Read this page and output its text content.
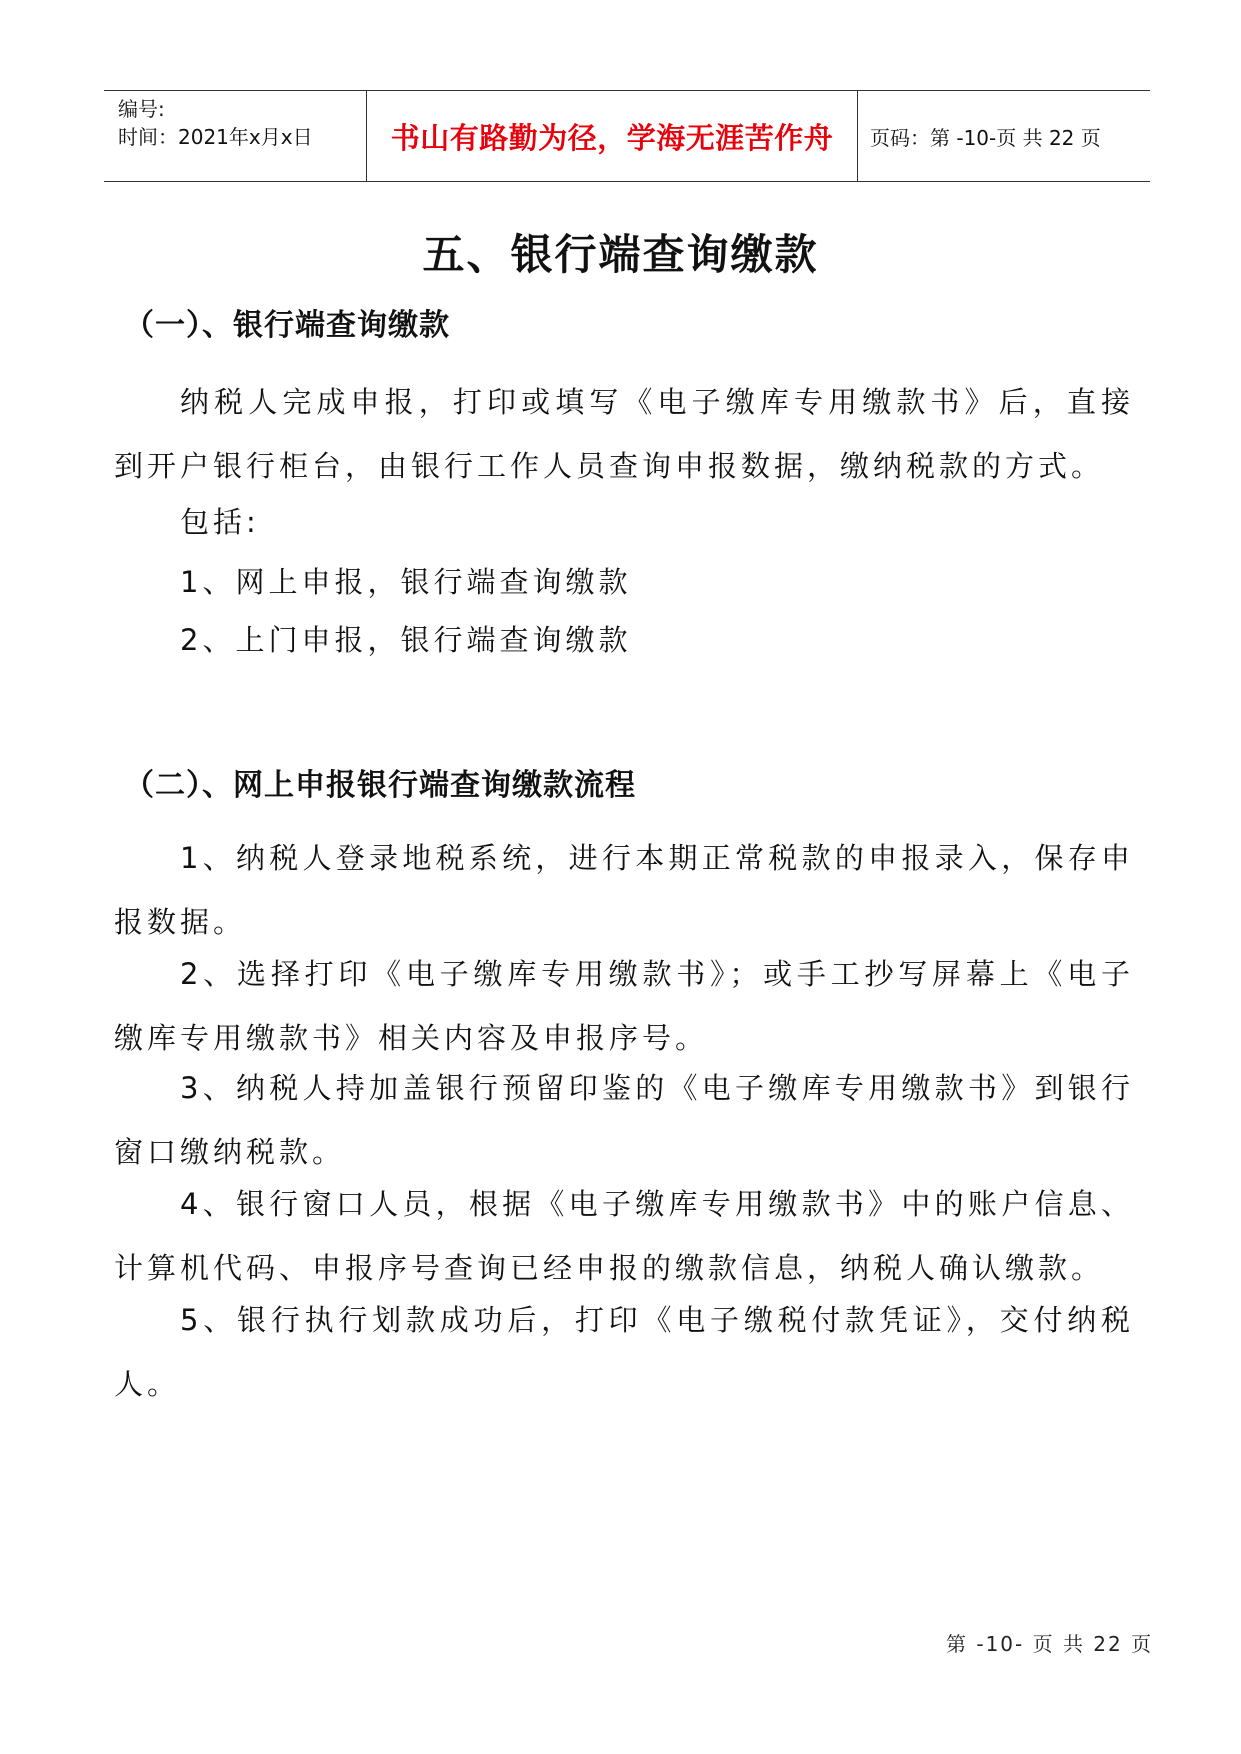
编号:
时间：2021年x月x日	书山有路勤为径，学海无涯苦作舟 页码：第 -10-页 共 22 页
五、银行端查询缴款
（一）、银行端查询缴款

纳税人完成申报，打印或填写《电子缴库专用缴款书》后，直接到开户银行柜台，由银行工作人员查询申报数据，缴纳税款的方式。

包括:
1、网上申报，银行端查询缴款
2、上门申报，银行端查询缴款
（二）、网上申报银行端查询缴款流程

1、纳税人登录地税系统，进行本期正常税款的申报录入，保存申报数据。

2、选择打印《电子缴库专用缴款书》；或手工抄写屏幕上《电子缴库专用缴款书》相关内容及申报序号。

3、纳税人持加盖银行预留印鉴的《电子缴库专用缴款书》到银行窗口缴纳税款。

4、银行窗口人员，根据《电子缴库专用缴款书》中的账户信息、计算机代码、申报序号查询已经申报的缴款信息，纳税人确认缴款。

5、银行执行划款成功后，打印《电子缴税付款凭证》，交付纳税人。

第 -10- 页 共 22 页
